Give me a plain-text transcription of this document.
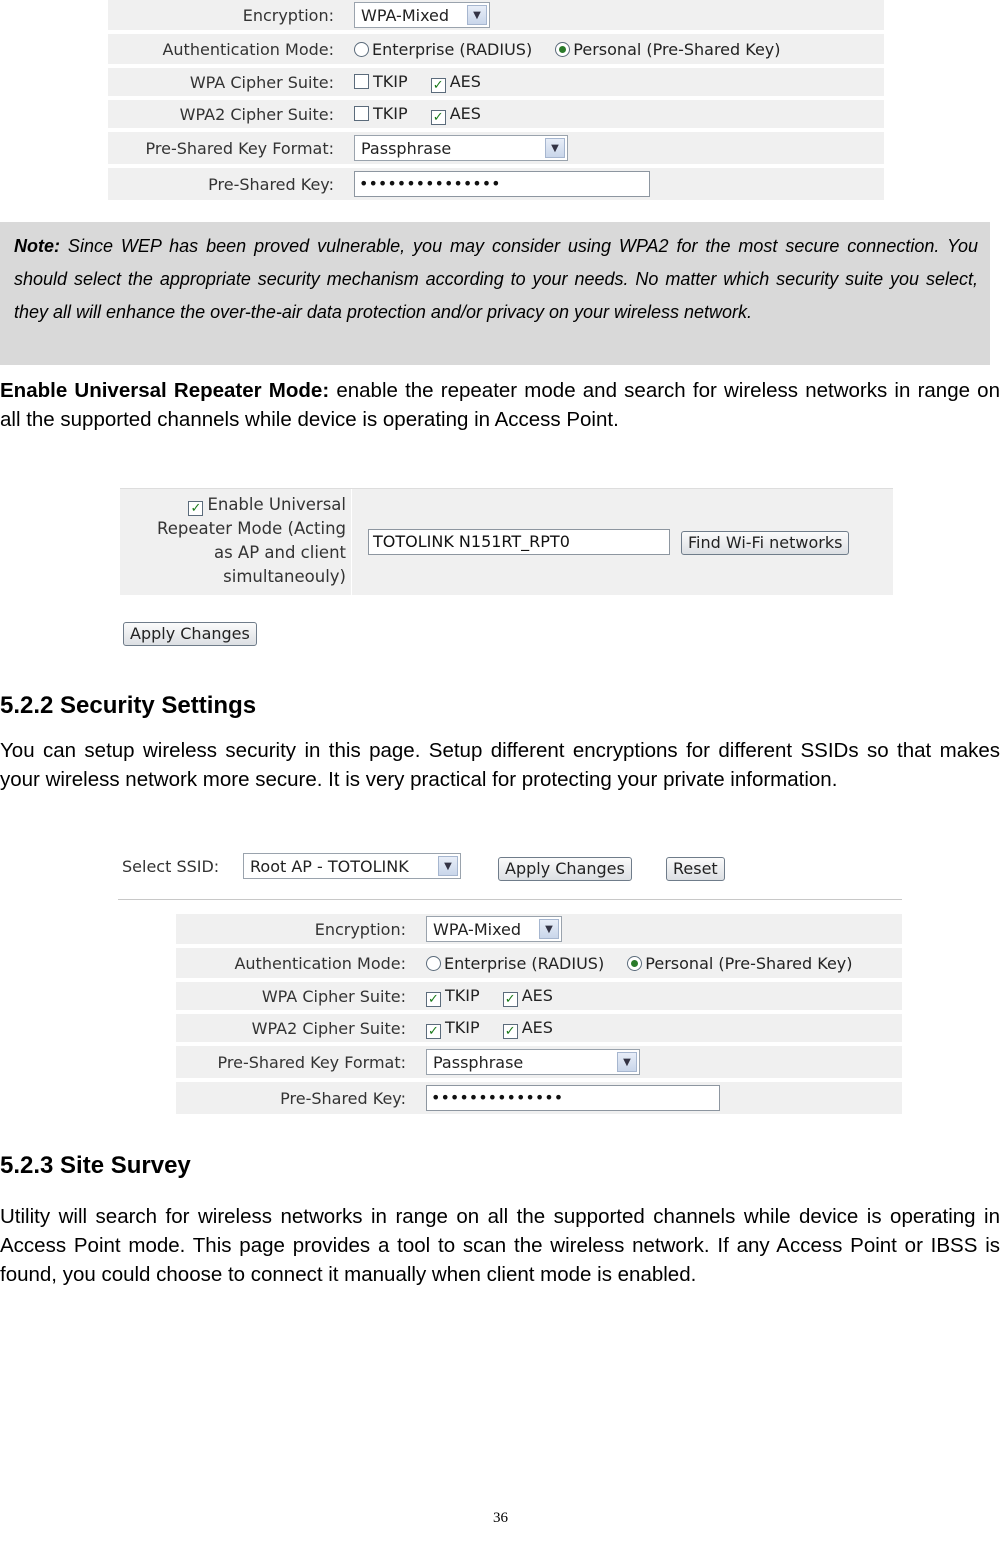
Encryption:	WPA-Mixed ▼

Authentication Mode:	Enterprise (RADIUS) Personal (Pre-Shared Key)
WPA Cipher Suite:	TKIP ✓ AES
WPA2 Cipher Suite:	TKIP ✓ AES
Pre-Shared Key Format:	Passphrase ▼

Pre-Shared Key:	•••••••••••••••
Note: Since WEP has been proved vulnerable, you may consider using WPA2 for the most secure connection. You should select the appropriate security mechanism according to your needs. No matter which security suite you select, they all will enhance the over-the-air data protection and/or privacy on your wireless network.
Enable Universal Repeater Mode: enable the repeater mode and search for wireless networks in range on all the supported channels while device is operating in Access Point.
✓ Enable Universal
Repeater Mode (Acting
as AP and client
simultaneouly)
TOTOLINK N151RT_RPT0	Find Wi-Fi networks
Apply Changes
5.2.2 Security Settings
You can setup wireless security in this page. Setup different encryptions for different SSIDs so that makes your wireless network more secure. It is very practical for protecting your private information.
Select SSID: Root AP - TOTOLINK	▼	Apply Changes	Reset
Encryption:	WPA-Mixed ▼

Authentication Mode:	Enterprise (RADIUS) Personal (Pre-Shared Key)
WPA Cipher Suite:	✓ TKIP ✓ AES
WPA2 Cipher Suite:	✓ TKIP ✓ AES
Pre-Shared Key Format:	Passphrase ▼

Pre-Shared Key:	••••••••••••••
5.2.3 Site Survey
Utility will search for wireless networks in range on all the supported channels while device is operating in Access Point mode. This page provides a tool to scan the wireless network. If any Access Point or IBSS is found, you could choose to connect it manually when client mode is enabled.
36
